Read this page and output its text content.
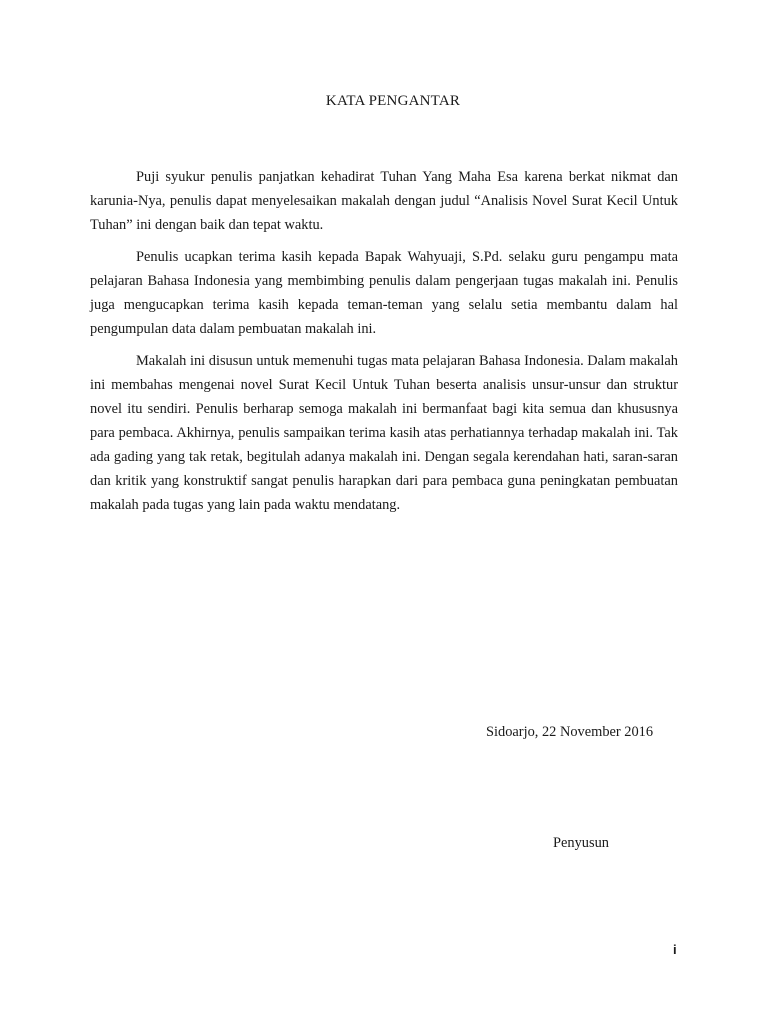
KATA PENGANTAR

Puji syukur penulis panjatkan kehadirat Tuhan Yang Maha Esa karena berkat nikmat dan karunia-Nya, penulis dapat menyelesaikan makalah dengan judul “Analisis Novel Surat Kecil Untuk Tuhan” ini dengan baik dan tepat waktu.

Penulis ucapkan terima kasih kepada Bapak Wahyuaji, S.Pd. selaku guru pengampu mata pelajaran Bahasa Indonesia yang membimbing penulis dalam pengerjaan tugas makalah ini. Penulis juga mengucapkan terima kasih kepada teman-teman yang selalu setia membantu dalam hal pengumpulan data dalam pembuatan makalah ini.

Makalah ini disusun untuk memenuhi tugas mata pelajaran Bahasa Indonesia. Dalam makalah ini membahas mengenai novel Surat Kecil Untuk Tuhan beserta analisis unsur-unsur dan struktur novel itu sendiri. Penulis berharap semoga makalah ini bermanfaat bagi kita semua dan khususnya para pembaca. Akhirnya, penulis sampaikan terima kasih atas perhatiannya terhadap makalah ini. Tak ada gading yang tak retak, begitulah adanya makalah ini. Dengan segala kerendahan hati, saran-saran dan kritik yang konstruktif sangat penulis harapkan dari para pembaca guna peningkatan pembuatan makalah pada tugas yang lain pada waktu mendatang.

Sidoarjo, 22 November 2016

Penyusun

i
